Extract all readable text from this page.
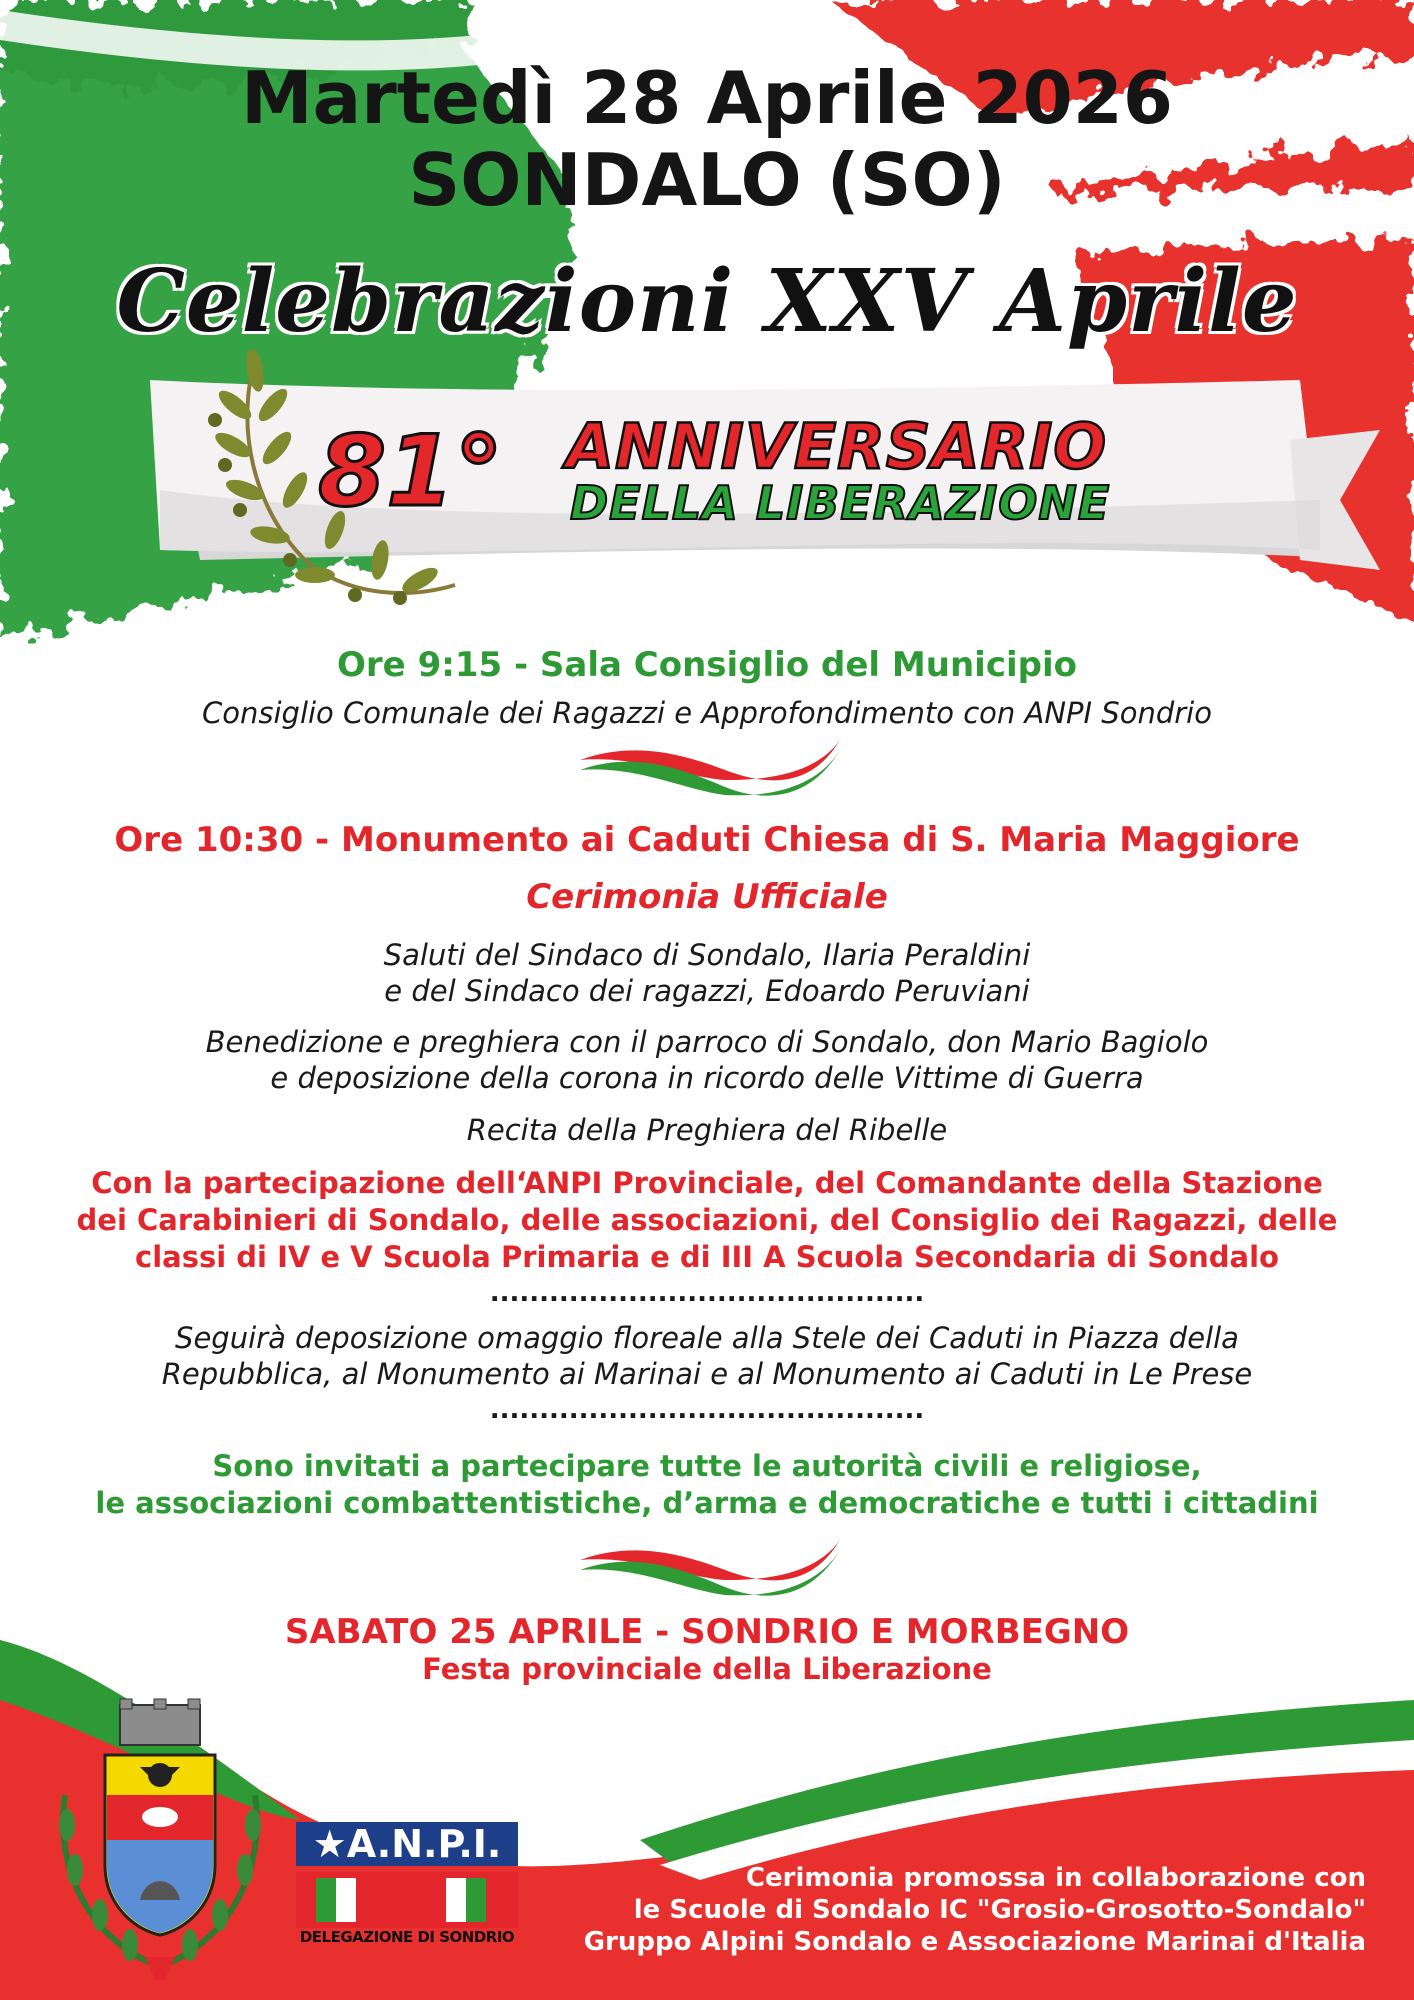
Martedì 28 Aprile 2026
SONDALO (SO)
Celebrazioni XXV Aprile
81° ANNIVERSARIO
DELLA LIBERAZIONE
Ore 9:15 - Sala Consiglio del Municipio
Consiglio Comunale dei Ragazzi e Approfondimento con ANPI Sondrio
Ore 10:30 - Monumento ai Caduti Chiesa di S. Maria Maggiore
Cerimonia Ufficiale
Saluti del Sindaco di Sondalo, Ilaria Peraldini
e del Sindaco dei ragazzi, Edoardo Peruviani
Benedizione e preghiera con il parroco di Sondalo, don Mario Bagiolo
e deposizione della corona in ricordo delle Vittime di Guerra
Recita della Preghiera del Ribelle
Con la partecipazione dell‘ANPI Provinciale, del Comandante della Stazione
dei Carabinieri di Sondalo, delle associazioni, del Consiglio dei Ragazzi, delle
classi di IV e V Scuola Primaria e di III A Scuola Secondaria di Sondalo
............................................
Seguirà deposizione omaggio floreale alla Stele dei Caduti in Piazza della
Repubblica, al Monumento ai Marinai e al Monumento ai Caduti in Le Prese
............................................
Sono invitati a partecipare tutte le autorità civili e religiose,
le associazioni combattentistiche, d’arma e democratiche e tutti i cittadini
SABATO 25 APRILE - SONDRIO E MORBEGNO
Festa provinciale della Liberazione
★A.N.P.I.
DELEGAZIONE DI SONDRIO
Cerimonia promossa in collaborazione con
le Scuole di Sondalo IC "Grosio-Grosotto-Sondalo"
Gruppo Alpini Sondalo e Associazione Marinai d'Italia
